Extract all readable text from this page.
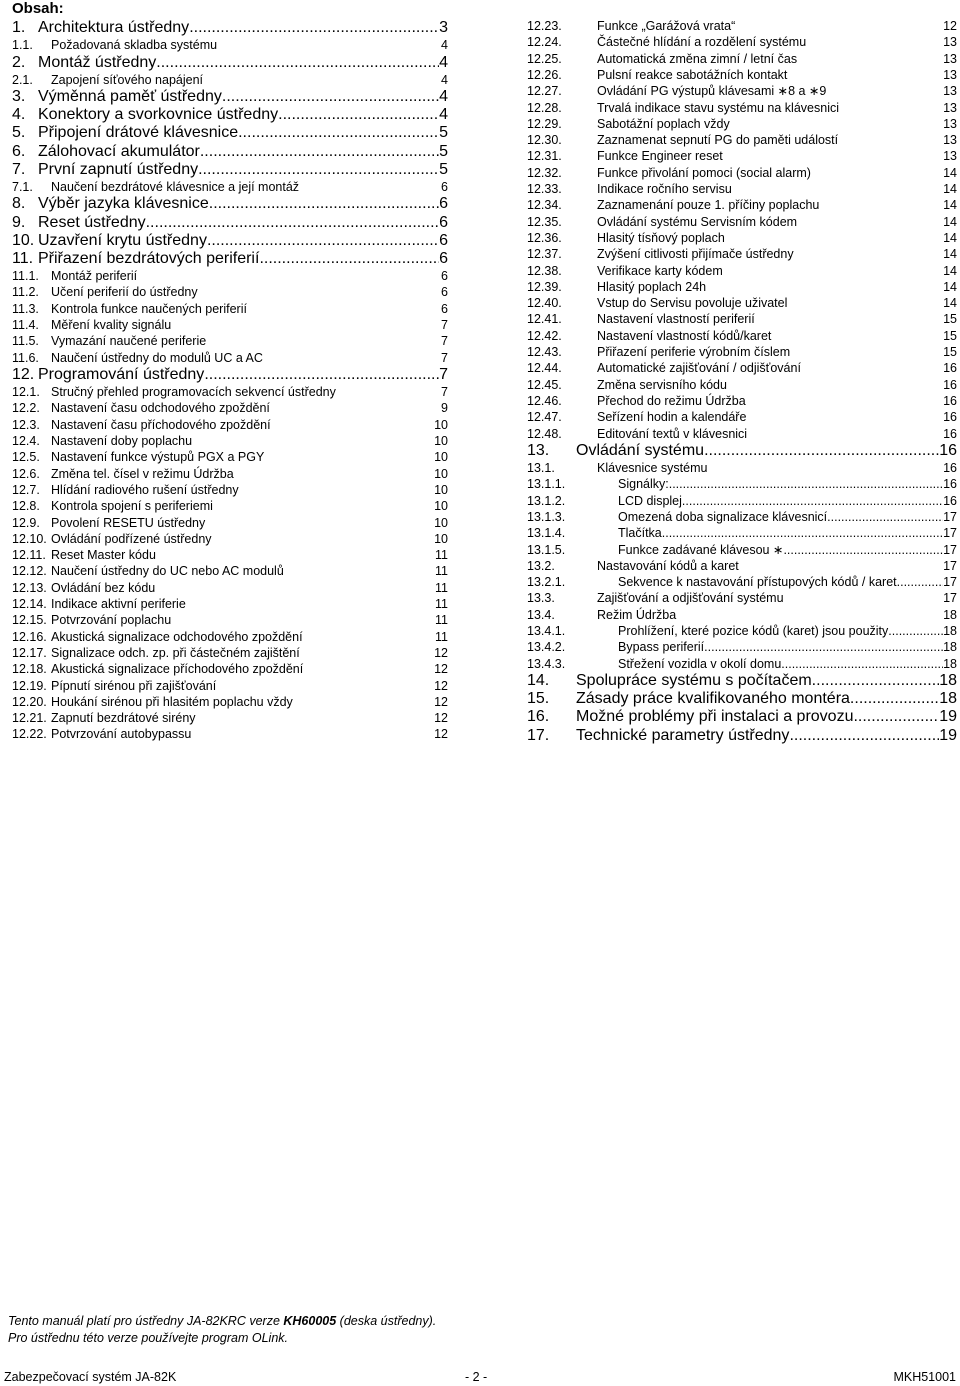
Obsah:
1. Architektura ústředny .....	3
1.1.	Požadovaná skladba systému	4
2. Montáž ústředny .....	4
2.1.	Zapojení síťového napájení	4
3. Výměnná paměť ústředny .....	4
4. Konektory a svorkovnice ústředny .....	4
5. Připojení drátové klávesnice .....	5
6. Zálohovací akumulátor .....	5
7. První zapnutí ústředny .....	5
7.1.	Naučení bezdrátové klávesnice a její montáž	6
8. Výběr jazyka klávesnice .....	6
9. Reset ústředny .....	6
10. Uzavření krytu ústředny .....	6
11. Přiřazení bezdrátových periferií .....	6
11.1. Montáž periferií	6
11.2. Učení periferií do ústředny	6
11.3. Kontrola funkce naučených periferií	6
11.4. Měření kvality signálu	7
11.5. Vymazání naučené periferie	7
11.6. Naučení ústředny do modulů UC a AC	7
12. Programování ústředny .....	7
12.1. Stručný přehled programovacích sekvencí ústředny	7
12.2. Nastavení času odchodového zpoždění	9
12.3. Nastavení času příchodového zpoždění	10
12.4. Nastavení doby poplachu	10
12.5. Nastavení funkce výstupů PGX a PGY	10
12.6. Změna tel. čísel v režimu Údržba	10
12.7. Hlídání radiového rušení ústředny	10
12.8. Kontrola spojení s periferiemi	10
12.9. Povolení RESETU ústředny	10
12.10. Ovládání podřízené ústředny	10
12.11. Reset Master kódu	11
12.12. Naučení ústředny do UC nebo AC modulů	11
12.13. Ovládání bez kódu	11
12.14. Indikace aktivní periferie	11
12.15. Potvrzování poplachu	11
12.16. Akustická signalizace odchodového zpoždění	11
12.17. Signalizace odch. zp. při částečném zajištění	12
12.18. Akustická signalizace příchodového zpoždění	12
12.19. Pípnutí sirénou při zajišťování	12
12.20. Houkání sirénou při hlasitém poplachu vždy	12
12.21. Zapnutí bezdrátové sirény	12
12.22. Potvrzování autobypassu	12
12.23.	Funkce „Garážová vrata“	12
12.24.	Částečné hlídání a rozdělení systému	13
12.25.	Automatická změna zimní / letní čas	13
12.26.	Pulsní reakce sabotážních kontakt	13
12.27.	Ovládání PG výstupů klávesami ∗8 a ∗9	13
12.28.	Trvalá indikace stavu systému na klávesnici	13
12.29.	Sabotážní poplach vždy	13
12.30.	Zaznamenat sepnutí PG do paměti událostí	13
12.31.	Funkce Engineer reset	13
12.32.	Funkce přivolání pomoci (social alarm)	14
12.33.	Indikace ročního servisu	14
12.34.	Zaznamenání pouze 1. příčiny poplachu	14
12.35.	Ovládání systému Servisním kódem	14
12.36.	Hlasitý tísňový poplach	14
12.37.	Zvýšení citlivosti přijímače ústředny	14
12.38.	Verifikace karty kódem	14
12.39.	Hlasitý poplach 24h	14
12.40.	Vstup do Servisu povoluje uživatel	14
12.41.	Nastavení vlastností periferií	15
12.42.	Nastavení vlastností kódů/karet	15
12.43.	Přiřazení periferie výrobním číslem	15
12.44.	Automatické zajišťování / odjišťování	16
12.45.	Změna servisního kódu	16
12.46.	Přechod do režimu Údržba	16
12.47.	Seřízení hodin a kalendáře	16
12.48.	Editování textů v klávesnici	16
13.	Ovládání systému .....	16
13.1.	Klávesnice systému	16
13.1.1.	Signálky: .....	16
13.1.2.	LCD displej .....	16
13.1.3.	Omezená doba signalizace klávesnicí .....	17
13.1.4.	Tlačítka .....	17
13.1.5.	Funkce zadávané klávesou ∗ .....	17
13.2.	Nastavování kódů a karet	17
13.2.1.	Sekvence k nastavování přístupových kódů / karet .....	17
13.3.	Zajišťování a odjišťování systému	17
13.4.	Režim Údržba	18
13.4.1.	Prohlížení, které pozice kódů (karet) jsou použity .....	18
13.4.2.	Bypass periferií .....	18
13.4.3.	Střežení vozidla v okolí domu .....	18
14.	Spolupráce systému s počítačem .....	18
15.	Zásady práce kvalifikovaného montéra .....	18
16.	Možné problémy při instalaci a provozu .....	19
17.	Technické parametry ústředny .....	19
Tento manuál platí pro ústředny JA-82KRC verze KH60005 (deska ústředny).
Pro ústřednu této verze používejte program OLink.
Zabezpečovací systém JA-82K	- 2 -	MKH51001
